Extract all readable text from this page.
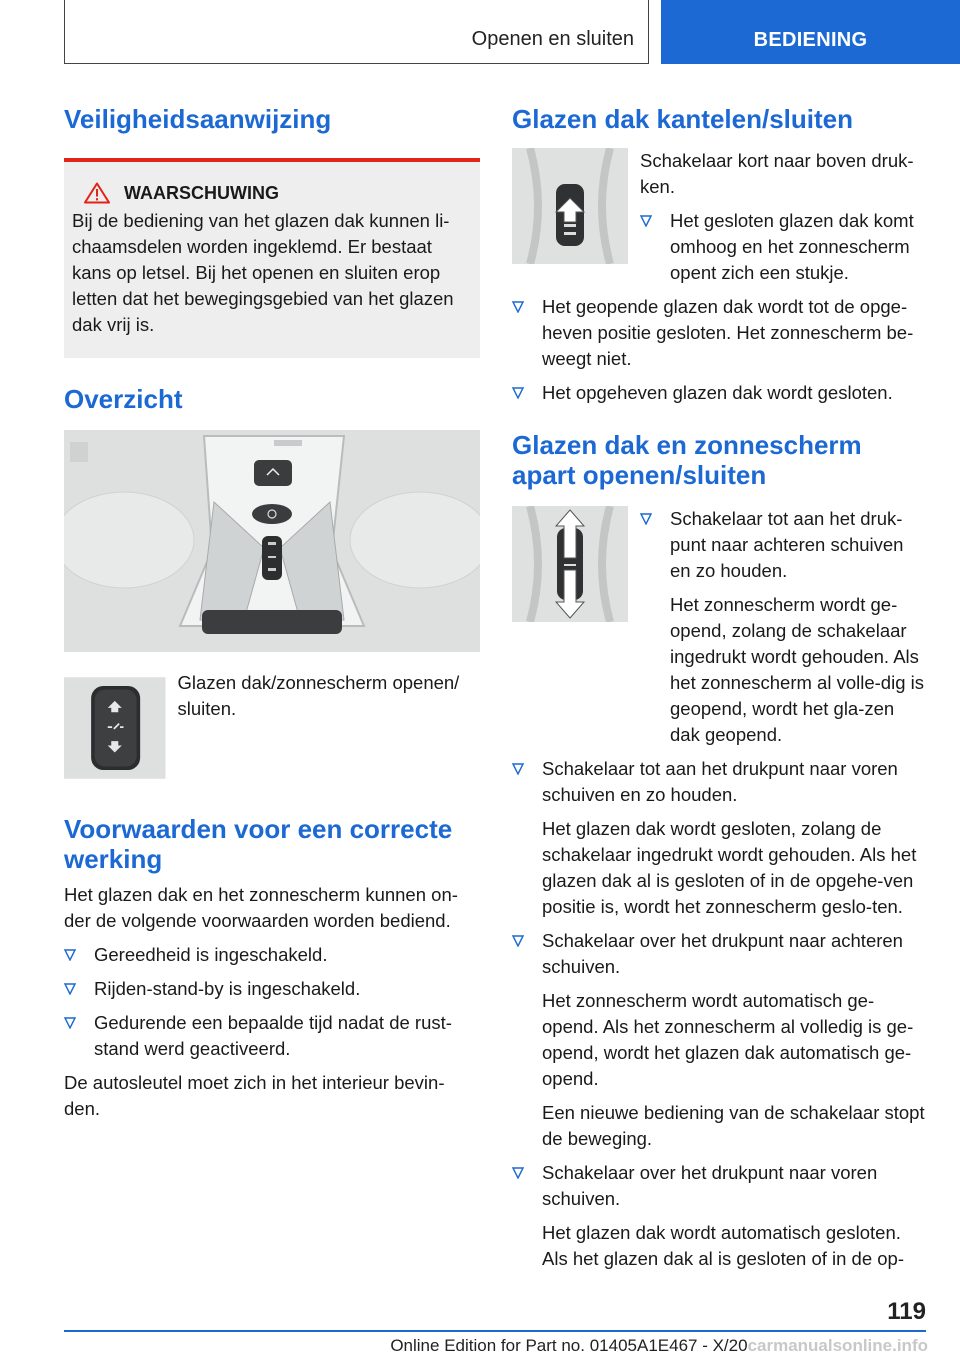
Openen en sluiten	BEDIENING
Veiligheidsaanwijzing
WAARSCHUWING
Bij de bediening van het glazen dak kunnen li-chaamsdelen worden ingeklemd. Er bestaat kans op letsel. Bij het openen en sluiten erop letten dat het bewegingsgebied van het glazen dak vrij is.
Overzicht

Glazen dak/zonnescherm openen/ sluiten.

Voorwaarden voor een correcte werking

Het glazen dak en het zonnescherm kunnen on-der de volgende voorwaarden worden bediend.

Gereedheid is ingeschakeld.
Rijden-stand-by is ingeschakeld.
Gedurende een bepaalde tijd nadat de rust-stand werd geactiveerd.

De autosleutel moet zich in het interieur bevin-den.

Glazen dak kantelen/sluiten

Schakelaar kort naar boven druk-ken.

Het gesloten glazen dak komt omhoog en het zonnescherm opent zich een stukje.
Het geopende glazen dak wordt tot de opge-heven positie gesloten. Het zonnescherm be-weegt niet.
Het opgeheven glazen dak wordt gesloten.
Glazen dak en zonnescherm apart openen/sluiten
Schakelaar tot aan het druk-punt naar achteren schuiven en zo houden.

Het zonnescherm wordt ge-opend, zolang de schakelaar ingedrukt wordt gehouden. Als het zonnescherm al volle-dig is geopend, wordt het gla-zen dak geopend.

Schakelaar tot aan het drukpunt naar voren schuiven en zo houden.

Het glazen dak wordt gesloten, zolang de schakelaar ingedrukt wordt gehouden. Als het glazen dak al is gesloten of in de opgehe-ven positie is, wordt het zonnescherm geslo-ten.

Schakelaar over het drukpunt naar achteren schuiven.

Het zonnescherm wordt automatisch ge-opend. Als het zonnescherm al volledig is ge-opend, wordt het glazen dak automatisch ge-opend.

Een nieuwe bediening van de schakelaar stopt de beweging.

Schakelaar over het drukpunt naar voren schuiven.

Het glazen dak wordt automatisch gesloten. Als het glazen dak al is gesloten of in de op-

119
Online Edition for Part no. 01405A1E467 - X/20carmanualsonline.info
